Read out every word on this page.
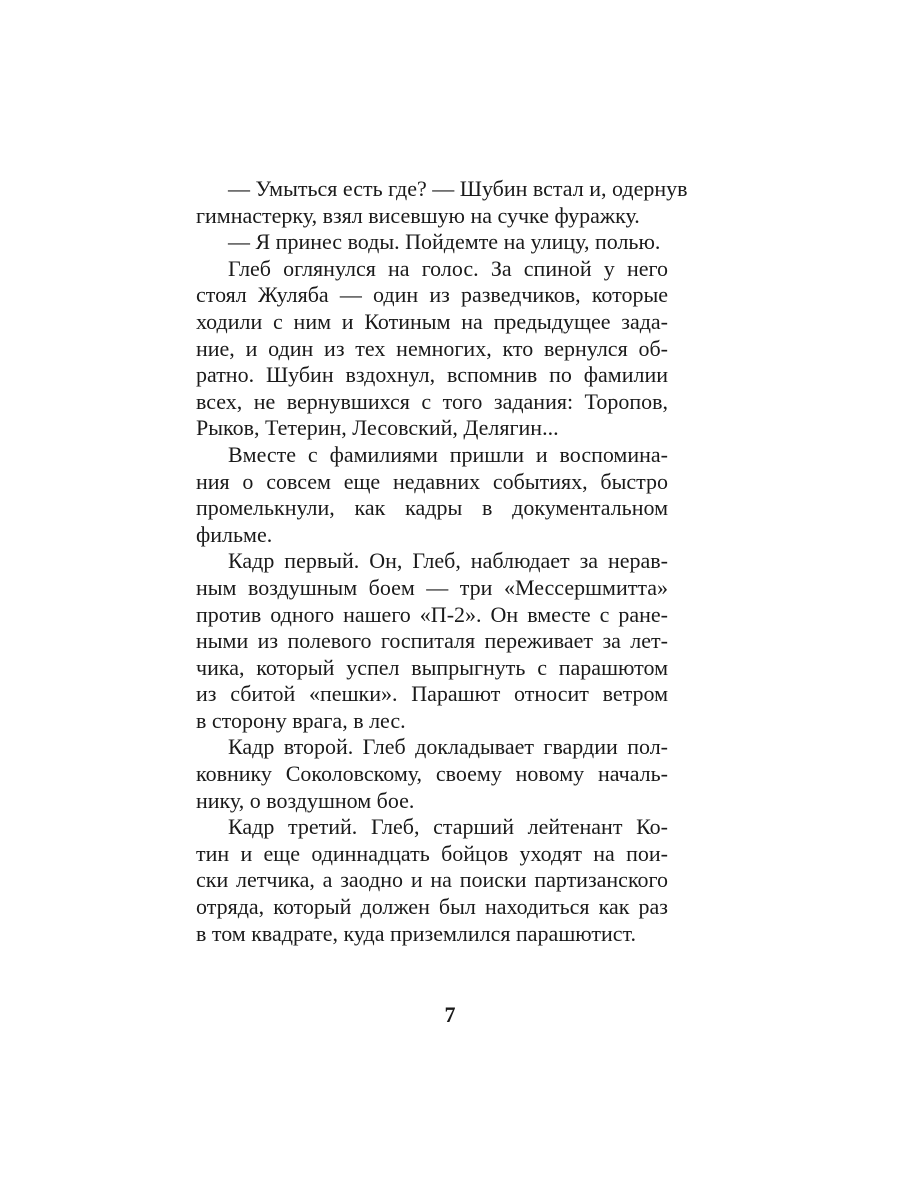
— Умыться есть где? — Шубин встал и, одернув
гимнастерку, взял висевшую на сучке фуражку.

— Я принес воды. Пойдемте на улицу, полью.

Глеб оглянулся на голос. За спиной у него
стоял Жуляба — один из разведчиков, которые
ходили с ним и Котиным на предыдущее зада-
ние, и один из тех немногих, кто вернулся об-
ратно. Шубин вздохнул, вспомнив по фамилии
всех, не вернувшихся с того задания: Торопов,
Рыков, Тетерин, Лесовский, Делягин...

Вместе с фамилиями пришли и воспомина-
ния о совсем еще недавних событиях, быстро
промелькнули, как кадры в документальном
фильме.

Кадр первый. Он, Глеб, наблюдает за нерав-
ным воздушным боем — три «Мессершмитта»
против одного нашего «П-2». Он вместе с ране-
ными из полевого госпиталя переживает за лет-
чика, который успел выпрыгнуть с парашютом
из сбитой «пешки». Парашют относит ветром
в сторону врага, в лес.

Кадр второй. Глеб докладывает гвардии пол-
ковнику Соколовскому, своему новому началь-
нику, о воздушном бое.

Кадр третий. Глеб, старший лейтенант Ко-
тин и еще одиннадцать бойцов уходят на пои-
ски летчика, а заодно и на поиски партизанского
отряда, который должен был находиться как раз
в том квадрате, куда приземлился парашютист.

7
